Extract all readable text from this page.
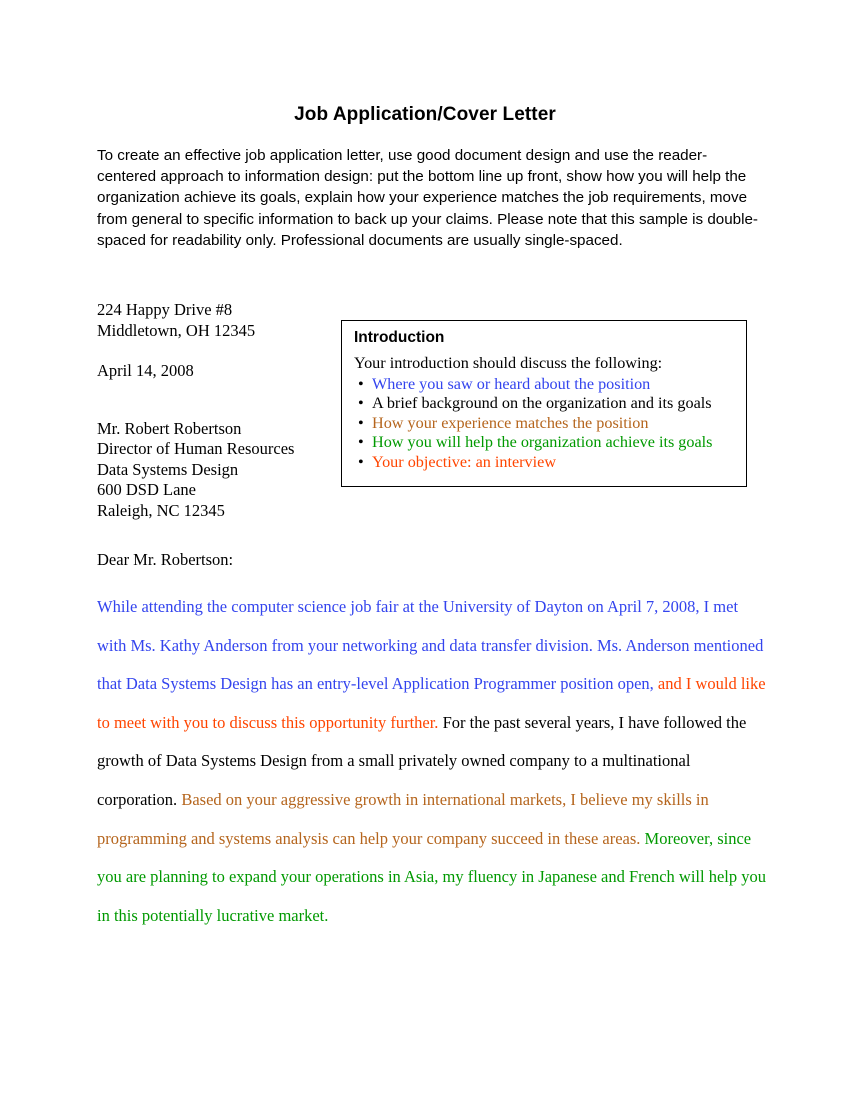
Job Application/Cover Letter
To create an effective job application letter, use good document design and use the reader-centered approach to information design: put the bottom line up front, show how you will help the organization achieve its goals, explain how your experience matches the job requirements, move from general to specific information to back up your claims. Please note that this sample is double-spaced for readability only. Professional documents are usually single-spaced.
224 Happy Drive #8
Middletown, OH 12345
April 14, 2008
Mr. Robert Robertson
Director of Human Resources
Data Systems Design
600 DSD Lane
Raleigh, NC 12345
Introduction
Your introduction should discuss the following:
• Where you saw or heard about the position
• A brief background on the organization and its goals
• How your experience matches the position
• How you will help the organization achieve its goals
• Your objective: an interview
Dear Mr. Robertson:

While attending the computer science job fair at the University of Dayton on April 7, 2008, I met with Ms. Kathy Anderson from your networking and data transfer division. Ms. Anderson mentioned that Data Systems Design has an entry-level Application Programmer position open, and I would like to meet with you to discuss this opportunity further. For the past several years, I have followed the growth of Data Systems Design from a small privately owned company to a multinational corporation. Based on your aggressive growth in international markets, I believe my skills in programming and systems analysis can help your company succeed in these areas. Moreover, since you are planning to expand your operations in Asia, my fluency in Japanese and French will help you in this potentially lucrative market.
